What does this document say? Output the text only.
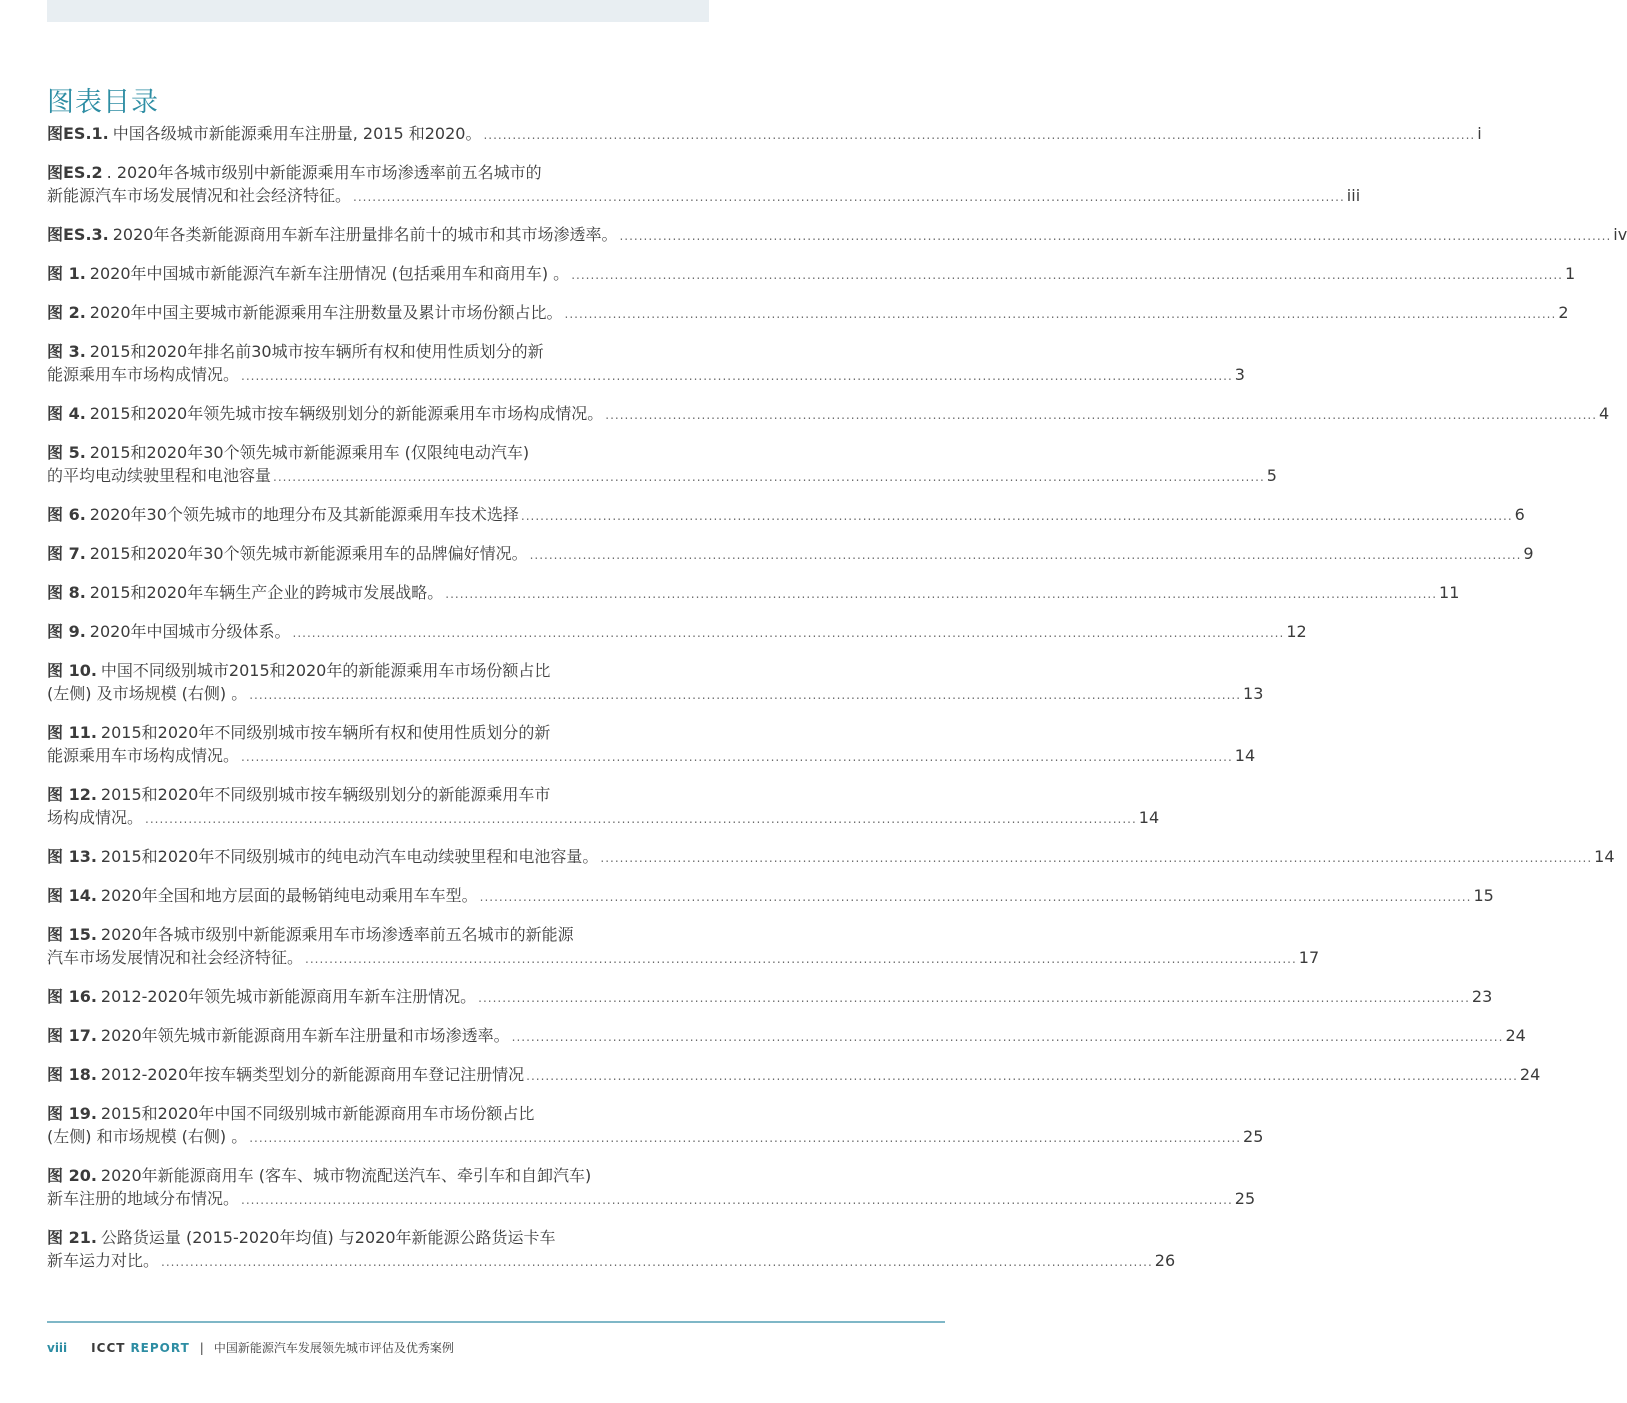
图表目录
图ES.1. 中国各级城市新能源乘用车注册量, 2015 和2020。 .....	i
图ES.2 . 2020年各城市级别中新能源乘用车市场渗透率前五名城市的
新能源汽车市场发展情况和社会经济特征。 .....	iii
图ES.3. 2020年各类新能源商用车新车注册量排名前十的城市和其市场渗透率。 .....	iv
图 1. 2020年中国城市新能源汽车新车注册情况 (包括乘用车和商用车) 。 .....	1
图 2. 2020年中国主要城市新能源乘用车注册数量及累计市场份额占比。 .....	2
图 3. 2015和2020年排名前30城市按车辆所有权和使用性质划分的新
能源乘用车市场构成情况。 .....	3
图 4. 2015和2020年领先城市按车辆级别划分的新能源乘用车市场构成情况。 .....	4
图 5. 2015和2020年30个领先城市新能源乘用车 (仅限纯电动汽车)
的平均电动续驶里程和电池容量 .....	5
图 6. 2020年30个领先城市的地理分布及其新能源乘用车技术选择 .....	6
图 7. 2015和2020年30个领先城市新能源乘用车的品牌偏好情况。 .....	9
图 8. 2015和2020年车辆生产企业的跨城市发展战略。 .....	11
图 9. 2020年中国城市分级体系。 .....	12
图 10. 中国不同级别城市2015和2020年的新能源乘用车市场份额占比
(左侧) 及市场规模 (右侧) 。 .....	13
图 11. 2015和2020年不同级别城市按车辆所有权和使用性质划分的新
能源乘用车市场构成情况。 .....	14
图 12. 2015和2020年不同级别城市按车辆级别划分的新能源乘用车市
场构成情况。 .....	14
图 13. 2015和2020年不同级别城市的纯电动汽车电动续驶里程和电池容量。 .....	14
图 14. 2020年全国和地方层面的最畅销纯电动乘用车车型。 .....	15
图 15. 2020年各城市级别中新能源乘用车市场渗透率前五名城市的新能源
汽车市场发展情况和社会经济特征。 .....	17
图 16. 2012-2020年领先城市新能源商用车新车注册情况。 .....	23
图 17. 2020年领先城市新能源商用车新车注册量和市场渗透率。 .....	24
图 18. 2012-2020年按车辆类型划分的新能源商用车登记注册情况 .....	24
图 19. 2015和2020年中国不同级别城市新能源商用车市场份额占比
(左侧) 和市场规模 (右侧) 。 .....	25
图 20. 2020年新能源商用车 (客车、城市物流配送汽车、牵引车和自卸汽车)
新车注册的地域分布情况。 .....	25
图 21. 公路货运量 (2015-2020年均值) 与2020年新能源公路货运卡车
新车运力对比。 .....	26
viii ICCT REPORT | 中国新能源汽车发展领先城市评估及优秀案例
